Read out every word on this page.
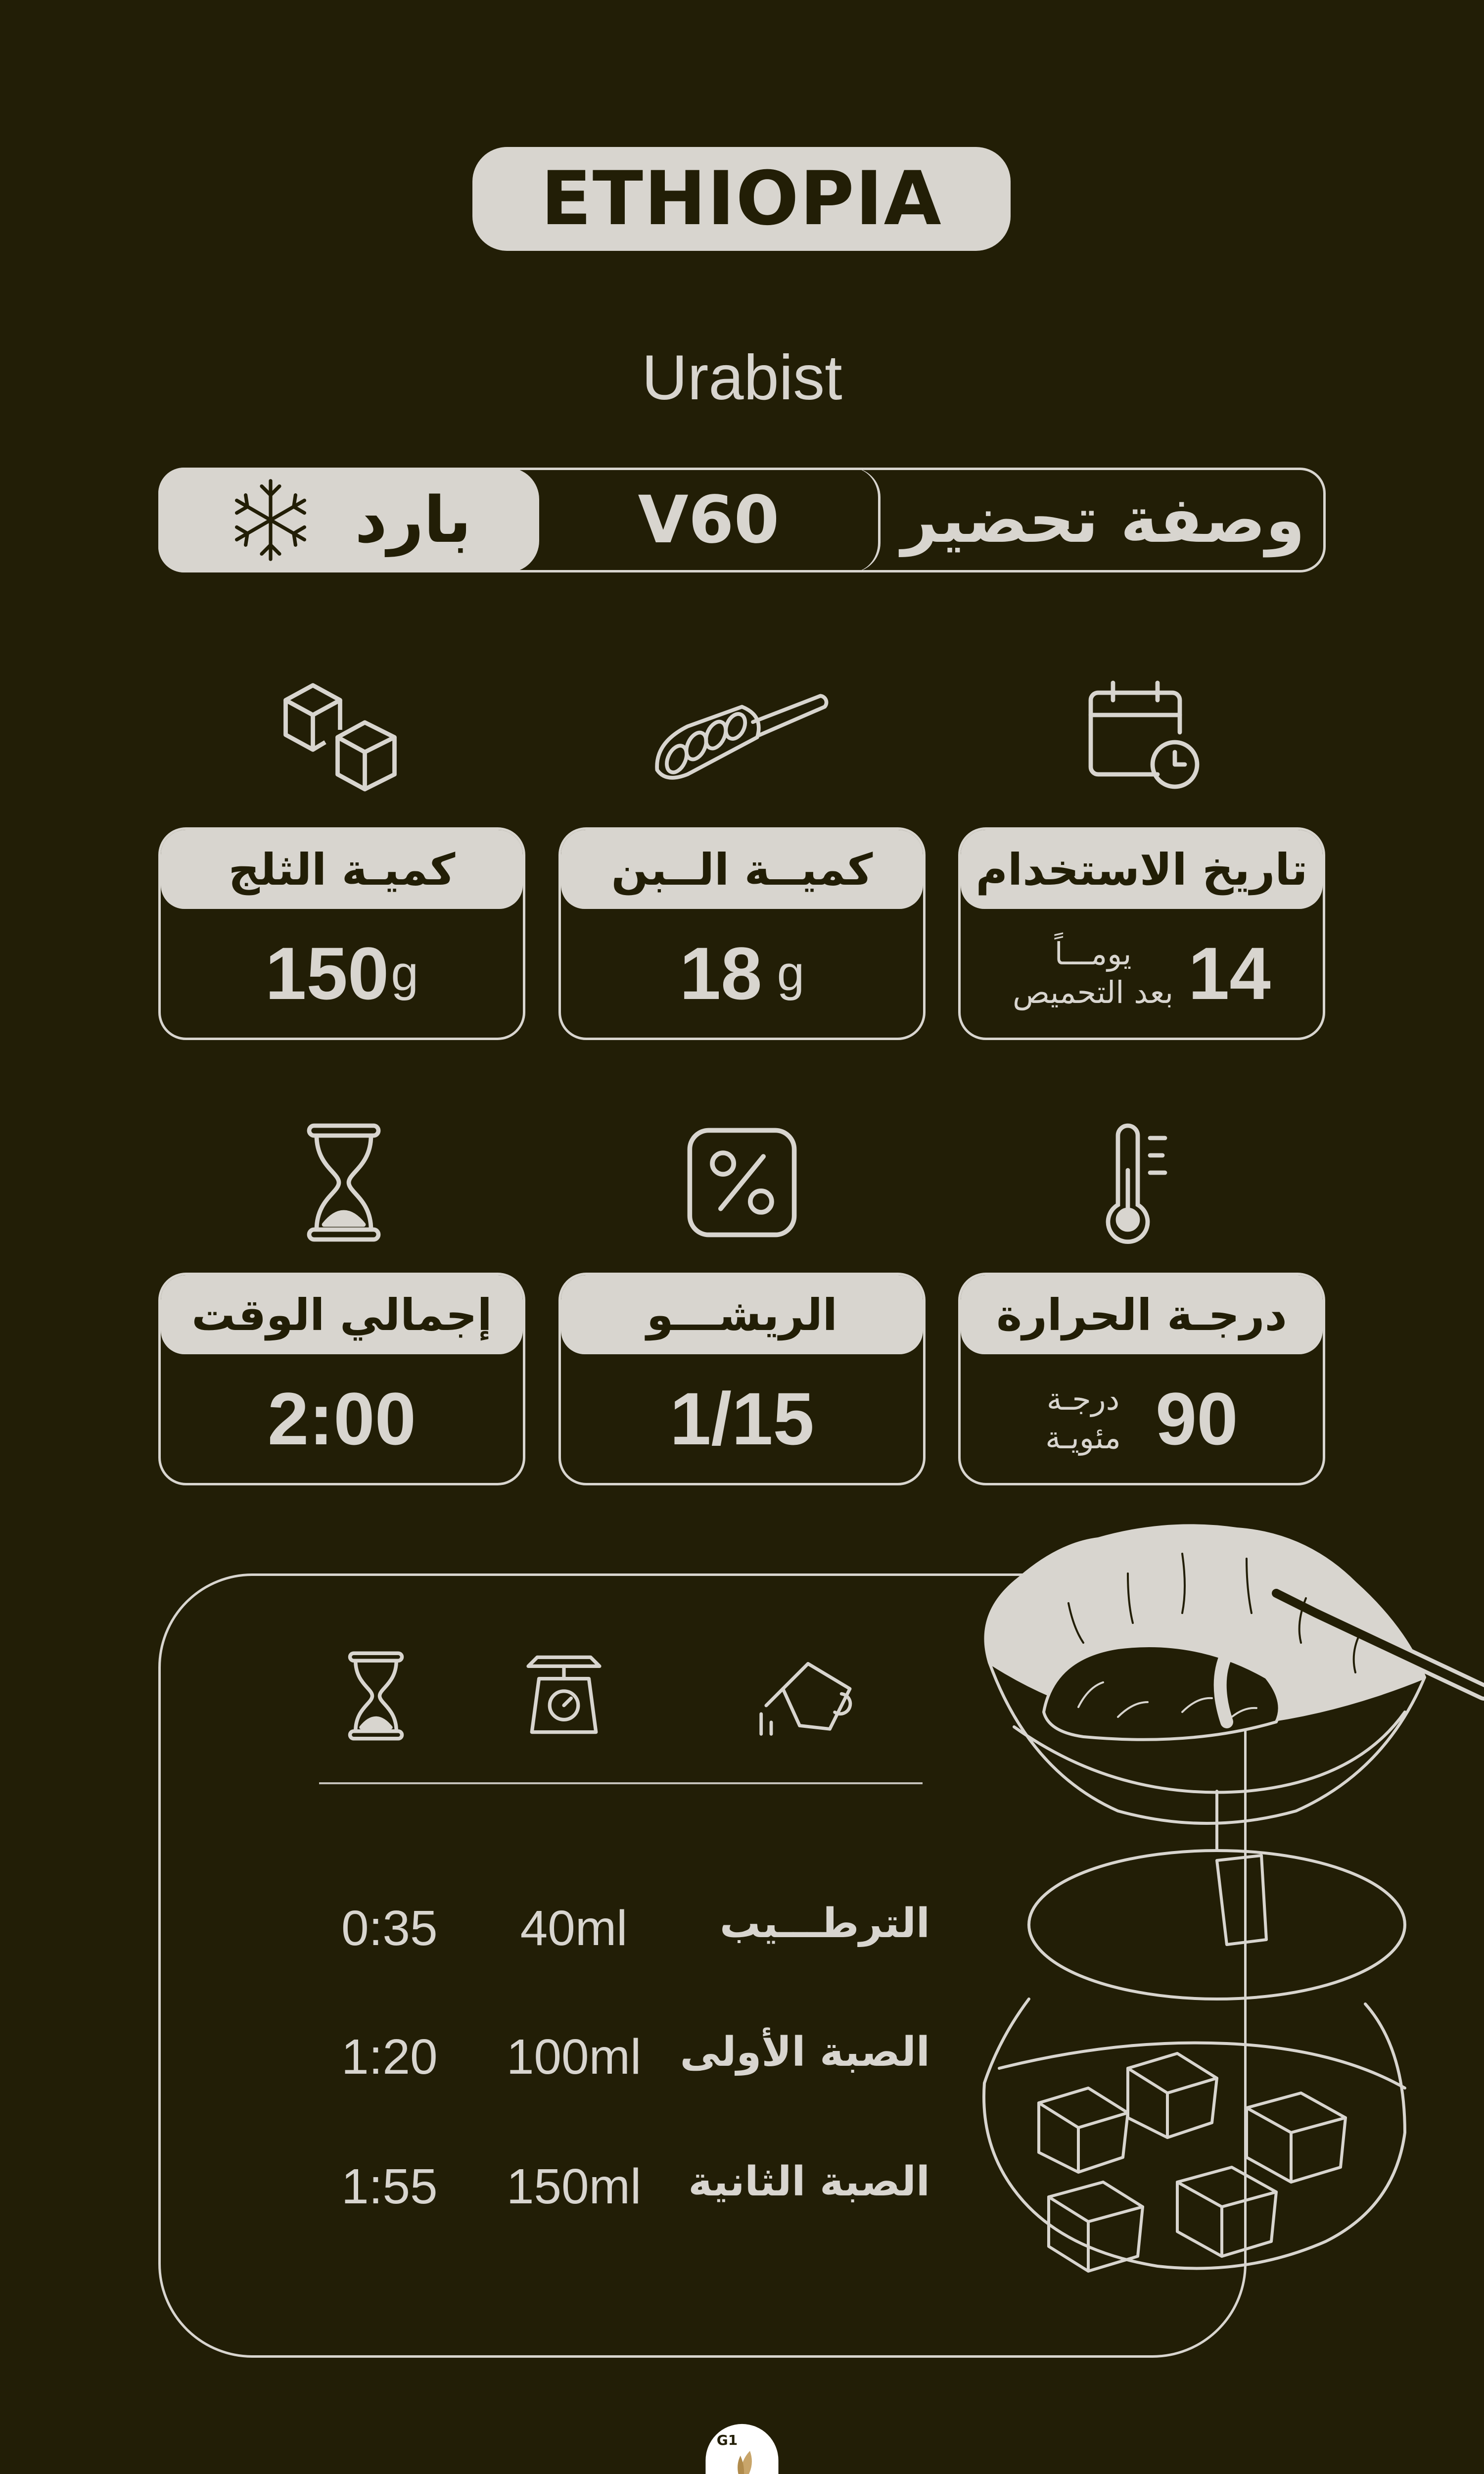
ETHIOPIA
Urabist
بارد	V60	وصفة تحضير
تاريخ الاستخدام
يومـــاً
بعد التحميص 14
كميــة الــبن
18 g
كميـة الثلج
150 g
درجـة الحرارة
درجـة
مئويـة 90
الريشـــو
1/15
إجمالي الوقت
2:00
0:35	40ml	الترطـــيب
1:20 100ml الصبة الأولى
1:55 150ml الصبة الثانية
G1
